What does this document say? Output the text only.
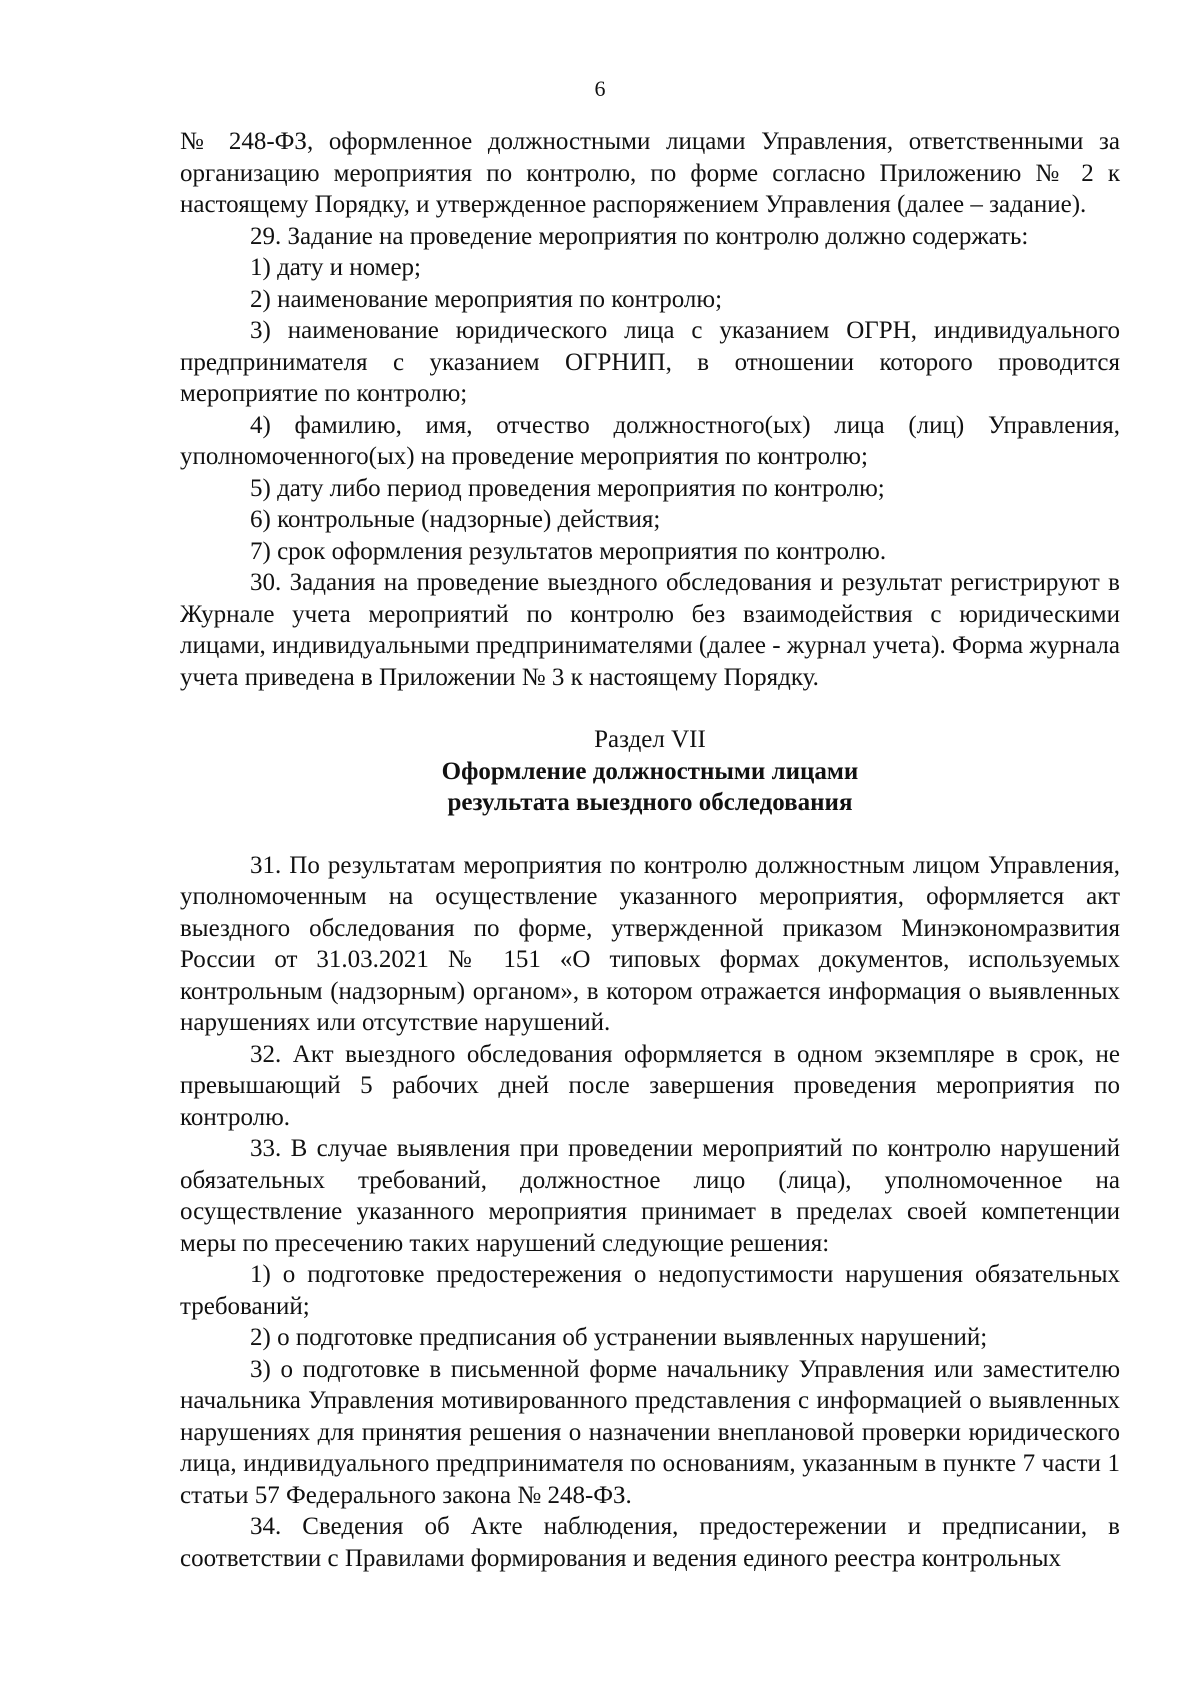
6

№ 248-ФЗ, оформленное должностными лицами Управления, ответственными за организацию мероприятия по контролю, по форме согласно Приложению № 2 к настоящему Порядку, и утвержденное распоряжением Управления (далее – задание).

29. Задание на проведение мероприятия по контролю должно содержать:

1) дату и номер;

2) наименование мероприятия по контролю;

3) наименование юридического лица с указанием ОГРН, индивидуального предпринимателя с указанием ОГРНИП, в отношении которого проводится мероприятие по контролю;

4) фамилию, имя, отчество должностного(ых) лица (лиц) Управления, уполномоченного(ых) на проведение мероприятия по контролю;

5) дату либо период проведения мероприятия по контролю;

6) контрольные (надзорные) действия;

7) срок оформления результатов мероприятия по контролю.

30. Задания на проведение выездного обследования и результат регистрируют в Журнале учета мероприятий по контролю без взаимодействия с юридическими лицами, индивидуальными предпринимателями (далее - журнал учета). Форма журнала учета приведена в Приложении № 3 к настоящему Порядку.

Раздел VII

Оформление должностными лицами

результата выездного обследования

31. По результатам мероприятия по контролю должностным лицом Управления, уполномоченным на осуществление указанного мероприятия, оформляется акт выездного обследования по форме, утвержденной приказом Минэкономразвития России от 31.03.2021 № 151 «О типовых формах документов, используемых контрольным (надзорным) органом», в котором отражается информация о выявленных нарушениях или отсутствие нарушений.

32. Акт выездного обследования оформляется в одном экземпляре в срок, не превышающий 5 рабочих дней после завершения проведения мероприятия по контролю.

33. В случае выявления при проведении мероприятий по контролю нарушений обязательных требований, должностное лицо (лица), уполномоченное на осуществление указанного мероприятия принимает в пределах своей компетенции меры по пресечению таких нарушений следующие решения:

1) о подготовке предостережения о недопустимости нарушения обязательных требований;

2) о подготовке предписания об устранении выявленных нарушений;

3) о подготовке в письменной форме начальнику Управления или заместителю начальника Управления мотивированного представления с информацией о выявленных нарушениях для принятия решения о назначении внеплановой проверки юридического лица, индивидуального предпринимателя по основаниям, указанным в пункте 7 части 1 статьи 57 Федерального закона № 248-ФЗ.

34. Сведения об Акте наблюдения, предостережении и предписании, в соответствии с Правилами формирования и ведения единого реестра контрольных
